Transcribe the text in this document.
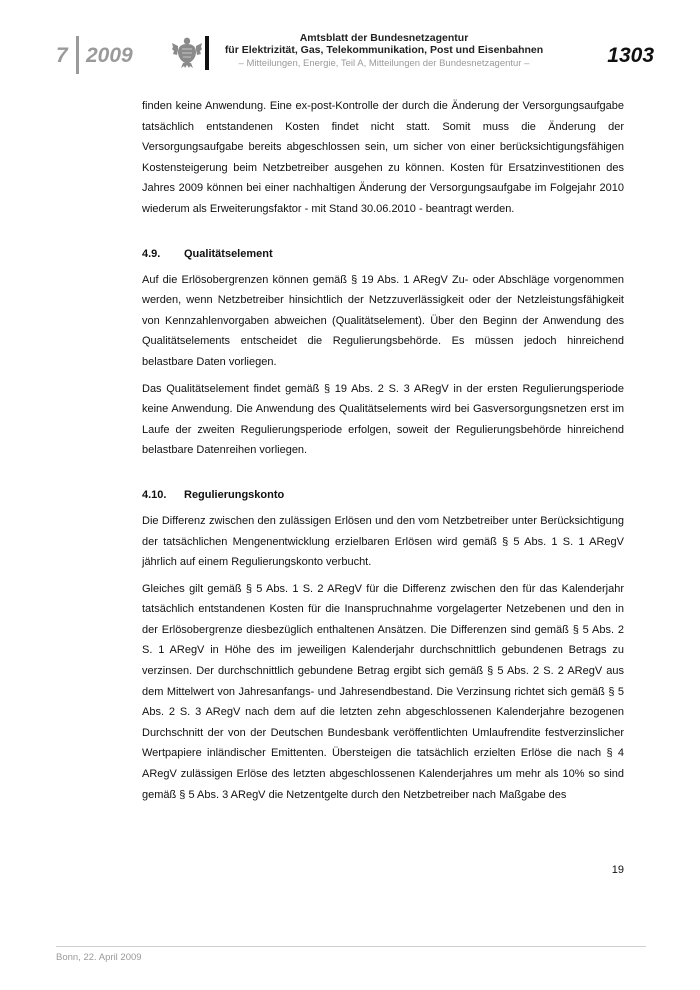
7 2009
Amtsblatt der Bundesnetzagentur
für Elektrizität, Gas, Telekommunikation, Post und Eisenbahnen
– Mitteilungen, Energie, Teil A, Mitteilungen der Bundesnetzagentur –	1303

finden keine Anwendung. Eine ex-post-Kontrolle der durch die Änderung der Versorgungsaufgabe tatsächlich entstandenen Kosten findet nicht statt. Somit muss die Änderung der Versorgungsaufgabe bereits abgeschlossen sein, um sicher von einer berücksichtigungsfähigen Kostensteigerung beim Netzbetreiber ausgehen zu können. Kosten für Ersatzinvestitionen des Jahres 2009 können bei einer nachhaltigen Änderung der Versorgungsaufgabe im Folgejahr 2010 wiederum als Erweiterungsfaktor - mit Stand 30.06.2010 - beantragt werden.

4.9. Qualitätselement

Auf die Erlösobergrenzen können gemäß § 19 Abs. 1 ARegV Zu- oder Abschläge vorgenommen werden, wenn Netzbetreiber hinsichtlich der Netzzuverlässigkeit oder der Netzleistungsfähigkeit von Kennzahlenvorgaben abweichen (Qualitätselement). Über den Beginn der Anwendung des Qualitätselements entscheidet die Regulierungsbehörde. Es müssen jedoch hinreichend belastbare Daten vorliegen.

Das Qualitätselement findet gemäß § 19 Abs. 2 S. 3 ARegV in der ersten Regulierungsperiode keine Anwendung. Die Anwendung des Qualitätselements wird bei Gasversorgungsnetzen erst im Laufe der zweiten Regulierungsperiode erfolgen, soweit der Regulierungsbehörde hinreichend belastbare Datenreihen vorliegen.

4.10. Regulierungskonto

Die Differenz zwischen den zulässigen Erlösen und den vom Netzbetreiber unter Berücksichtigung der tatsächlichen Mengenentwicklung erzielbaren Erlösen wird gemäß § 5 Abs. 1 S. 1 ARegV jährlich auf einem Regulierungskonto verbucht.

Gleiches gilt gemäß § 5 Abs. 1 S. 2 ARegV für die Differenz zwischen den für das Kalenderjahr tatsächlich entstandenen Kosten für die Inanspruchnahme vorgelagerter Netzebenen und den in der Erlösobergrenze diesbezüglich enthaltenen Ansätzen. Die Differenzen sind gemäß § 5 Abs. 2 S. 1 ARegV in Höhe des im jeweiligen Kalenderjahr durchschnittlich gebundenen Betrags zu verzinsen. Der durchschnittlich gebundene Betrag ergibt sich gemäß § 5 Abs. 2 S. 2 ARegV aus dem Mittelwert von Jahresanfangs- und Jahresendbestand. Die Verzinsung richtet sich gemäß § 5 Abs. 2 S. 3 ARegV nach dem auf die letzten zehn abgeschlossenen Kalenderjahre bezogenen Durchschnitt der von der Deutschen Bundesbank veröffentlichten Umlaufrendite festverzinslicher Wertpapiere inländischer Emittenten. Übersteigen die tatsächlich erzielten Erlöse die nach § 4 ARegV zulässigen Erlöse des letzten abgeschlossenen Kalenderjahres um mehr als 10% so sind gemäß § 5 Abs. 3 ARegV die Netzentgelte durch den Netzbetreiber nach Maßgabe des

19
Bonn, 22. April 2009
